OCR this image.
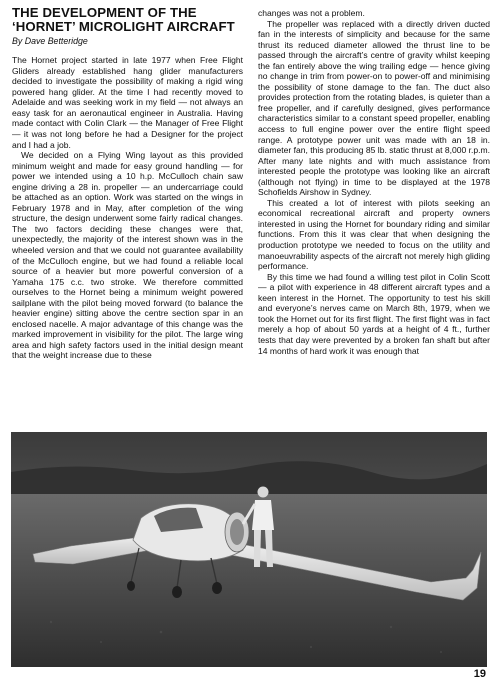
THE DEVELOPMENT OF THE
‘HORNET’ MICROLIGHT AIRCRAFT
By Dave Betteridge

The Hornet project started in late 1977 when Free Flight Gliders already established hang glider manufacturers decided to investigate the possibility of making a rigid wing powered hang glider. At the time I had recently moved to Adelaide and was seeking work in my field — not always an easy task for an aeronautical engineer in Australia. Having made contact with Colin Clark — the Manager of Free Flight — it was not long before he had a Designer for the project and I had a job.

We decided on a Flying Wing layout as this provided minimum weight and made for easy ground handling — for power we intended using a 10 h.p. McCulloch chain saw engine driving a 28 in. propeller — an undercarriage could be attached as an option. Work was started on the wings in February 1978 and in May, after completion of the wing structure, the design underwent some fairly radical changes. The two factors deciding these changes were that, unexpectedly, the majority of the interest shown was in the wheeled version and that we could not guarantee availability of the McCulloch engine, but we had found a reliable local source of a heavier but more powerful conversion of a Yamaha 175 c.c. two stroke. We therefore committed ourselves to the Hornet being a minimum weight powered sailplane with the pilot being moved forward (to balance the heavier engine) sitting above the centre section spar in an enclosed nacelle. A major advantage of this change was the marked improvement in visibility for the pilot. The large wing area and high safety factors used in the initial design meant that the weight increase due to these

changes was not a problem.

The propeller was replaced with a directly driven ducted fan in the interests of simplicity and because for the same thrust its reduced diameter allowed the thrust line to be passed through the aircraft’s centre of gravity whilst keeping the fan entirely above the wing trailing edge — hence giving no change in trim from power-on to power-off and minimising the possibility of stone damage to the fan. The duct also provides protection from the rotating blades, is quieter than a free propeller, and if carefully designed, gives performance characteristics similar to a constant speed propeller, enabling access to full engine power over the entire flight speed range. A prototype power unit was made with an 18 in. diameter fan, this producing 85 lb. static thrust at 8,000 r.p.m. After many late nights and with much assistance from interested people the prototype was looking like an aircraft (although not flying) in time to be displayed at the 1978 Schofields Airshow in Sydney.

This created a lot of interest with pilots seeking an economical recreational aircraft and property owners interested in using the Hornet for boundary riding and similar functions. From this it was clear that when designing the production prototype we needed to focus on the utility and manoeuvrability aspects of the aircraft not merely high gliding performance.

By this time we had found a willing test pilot in Colin Scott — a pilot with experience in 48 different aircraft types and a keen interest in the Hornet. The opportunity to test his skill and everyone’s nerves came on March 8th, 1979, when we took the Hornet out for its first flight. The first flight was in fact merely a hop of about 50 yards at a height of 4 ft., further tests that day were prevented by a broken fan shaft but after 14 months of hard work it was enough that

19
